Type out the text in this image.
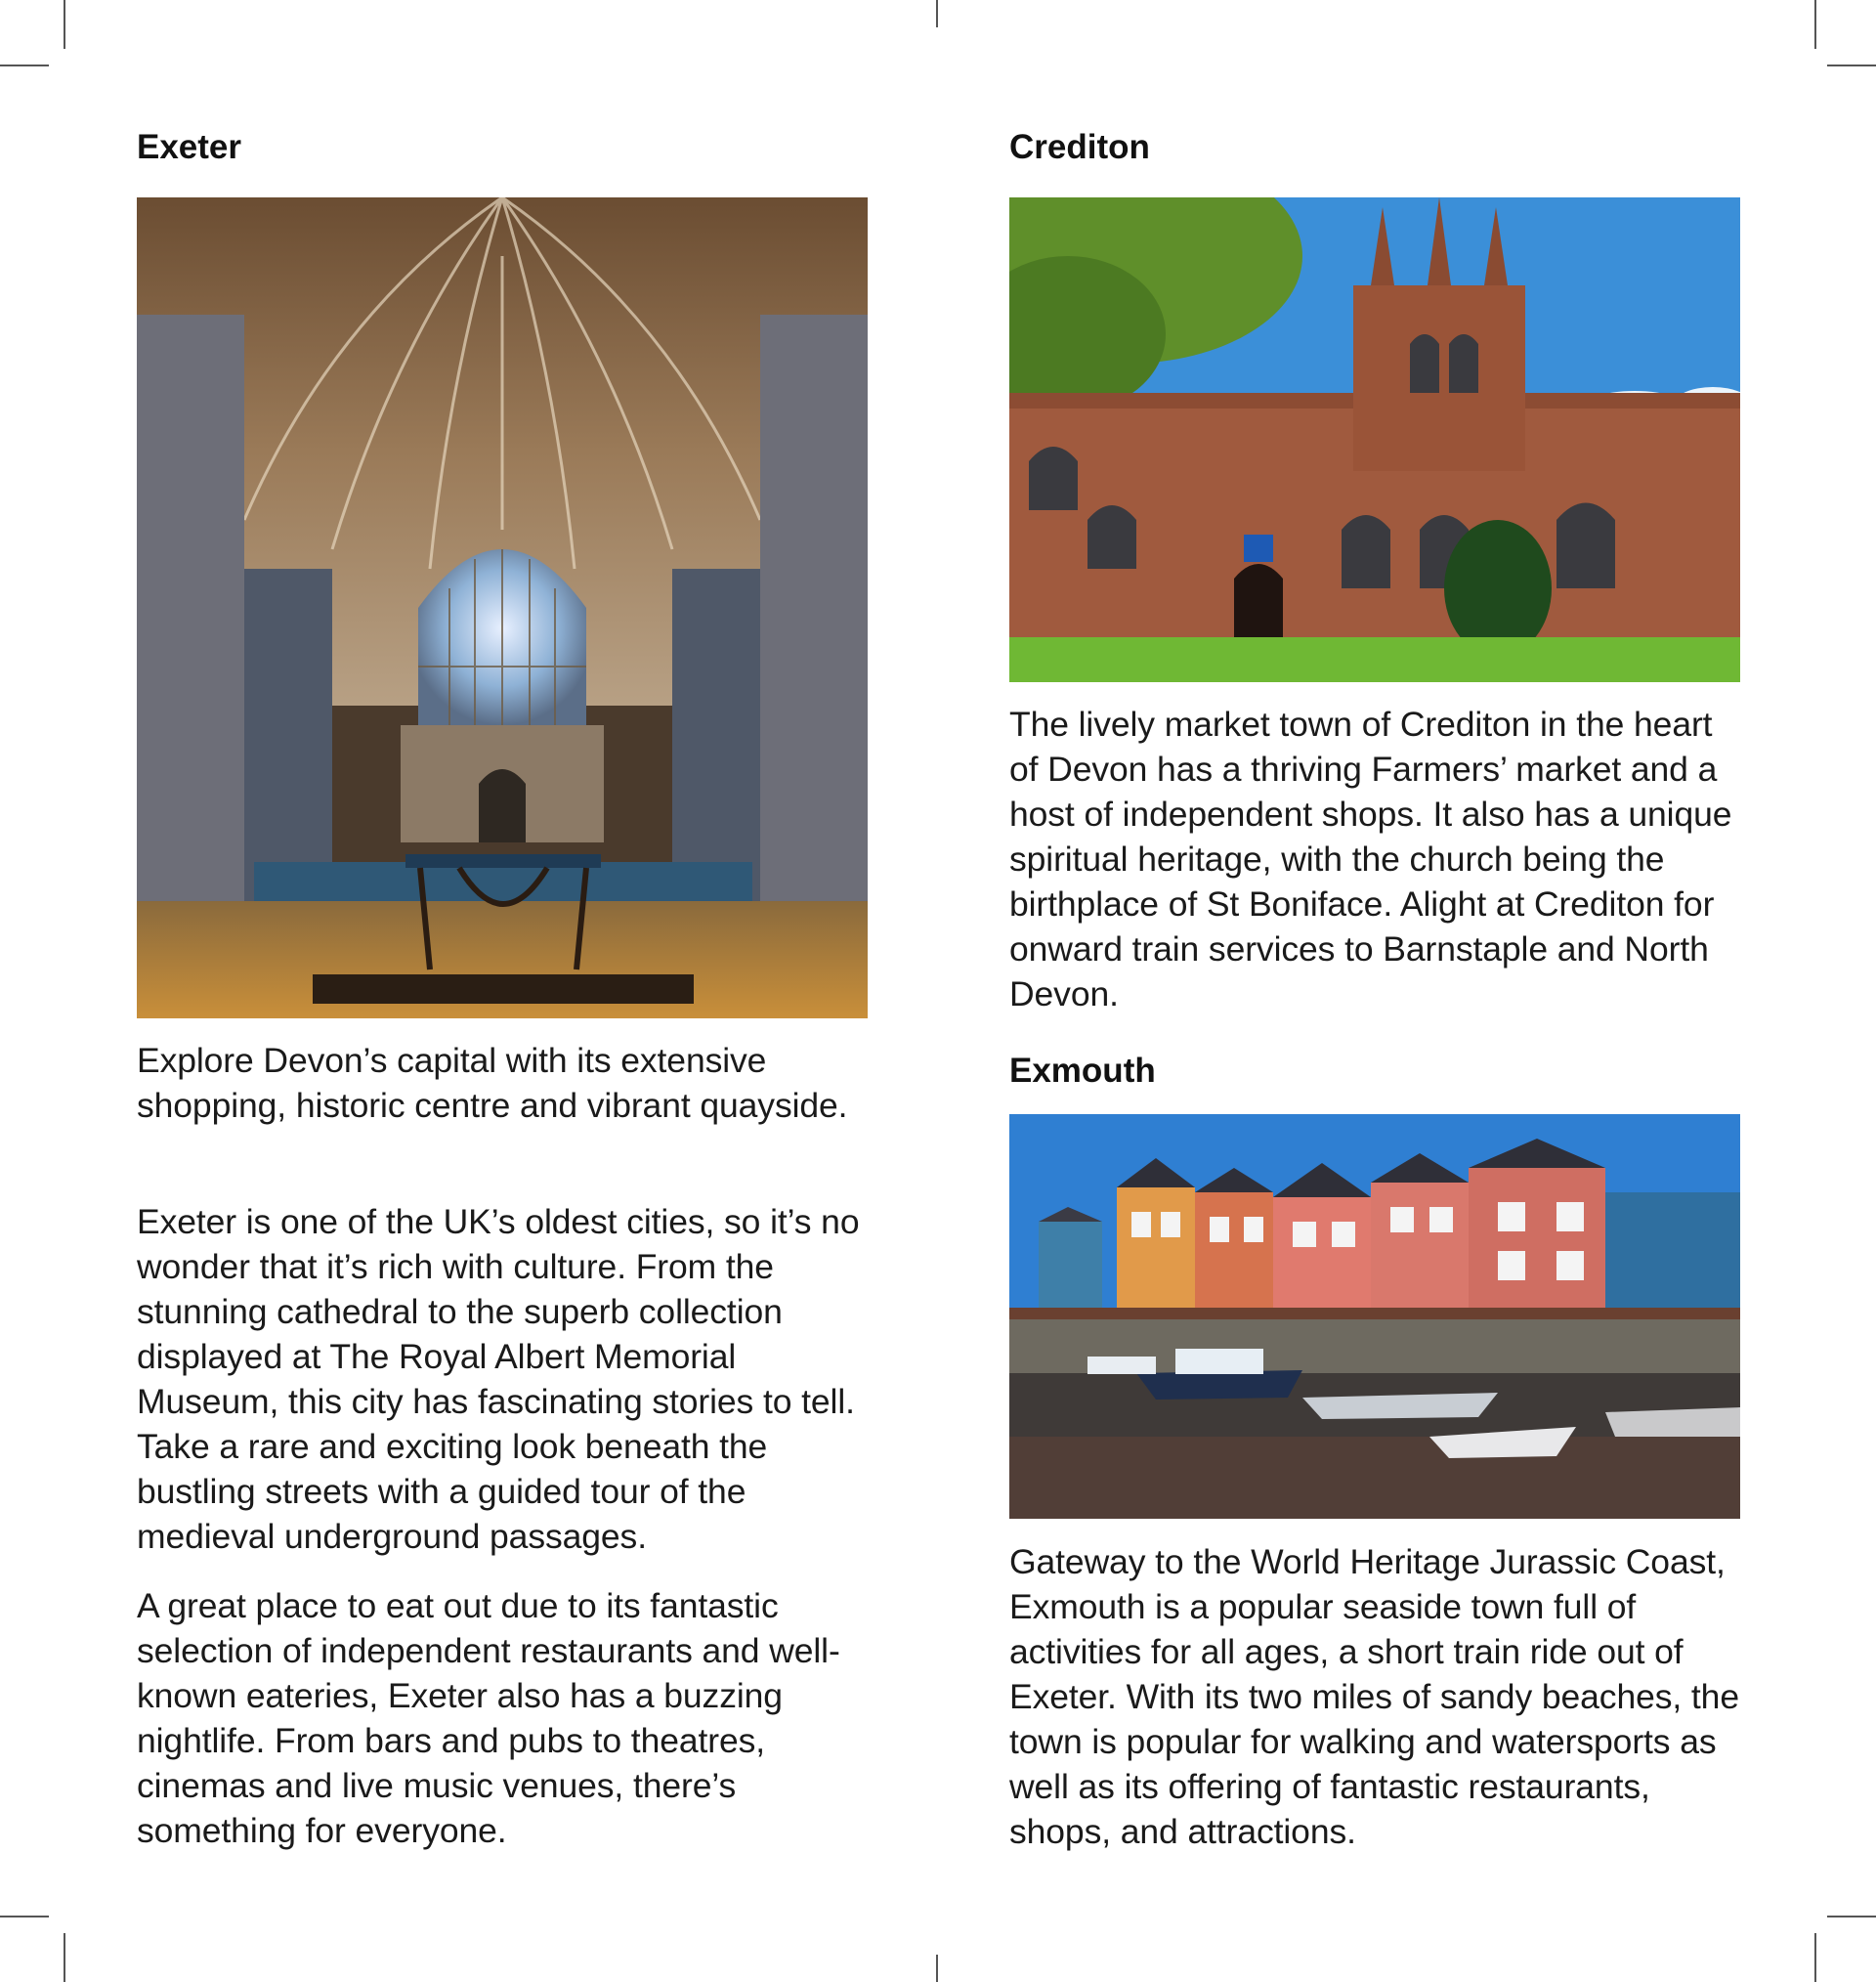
Exeter

Explore Devon’s capital with its extensive shopping, historic centre and vibrant quayside.

Exeter is one of the UK’s oldest cities, so it’s no wonder that it’s rich with culture. From the stunning cathedral to the superb collection displayed at The Royal Albert Memorial Museum, this city has fascinating stories to tell. Take a rare and exciting look beneath the bustling streets with a guided tour of the medieval underground passages.

A great place to eat out due to its fantastic selection of independent restaurants and well-known eateries, Exeter also has a buzzing nightlife. From bars and pubs to theatres, cinemas and live music venues, there’s something for everyone.

Crediton

The lively market town of Crediton in the heart of Devon has a thriving Farmers’ market and a host of independent shops. It also has a unique spiritual heritage, with the church being the birthplace of St Boniface. Alight at Crediton for onward train services to Barnstaple and North Devon.

Exmouth

Gateway to the World Heritage Jurassic Coast, Exmouth is a popular seaside town full of activities for all ages, a short train ride out of Exeter. With its two miles of sandy beaches, the town is popular for walking and watersports as well as its offering of fantastic restaurants, shops, and attractions.
